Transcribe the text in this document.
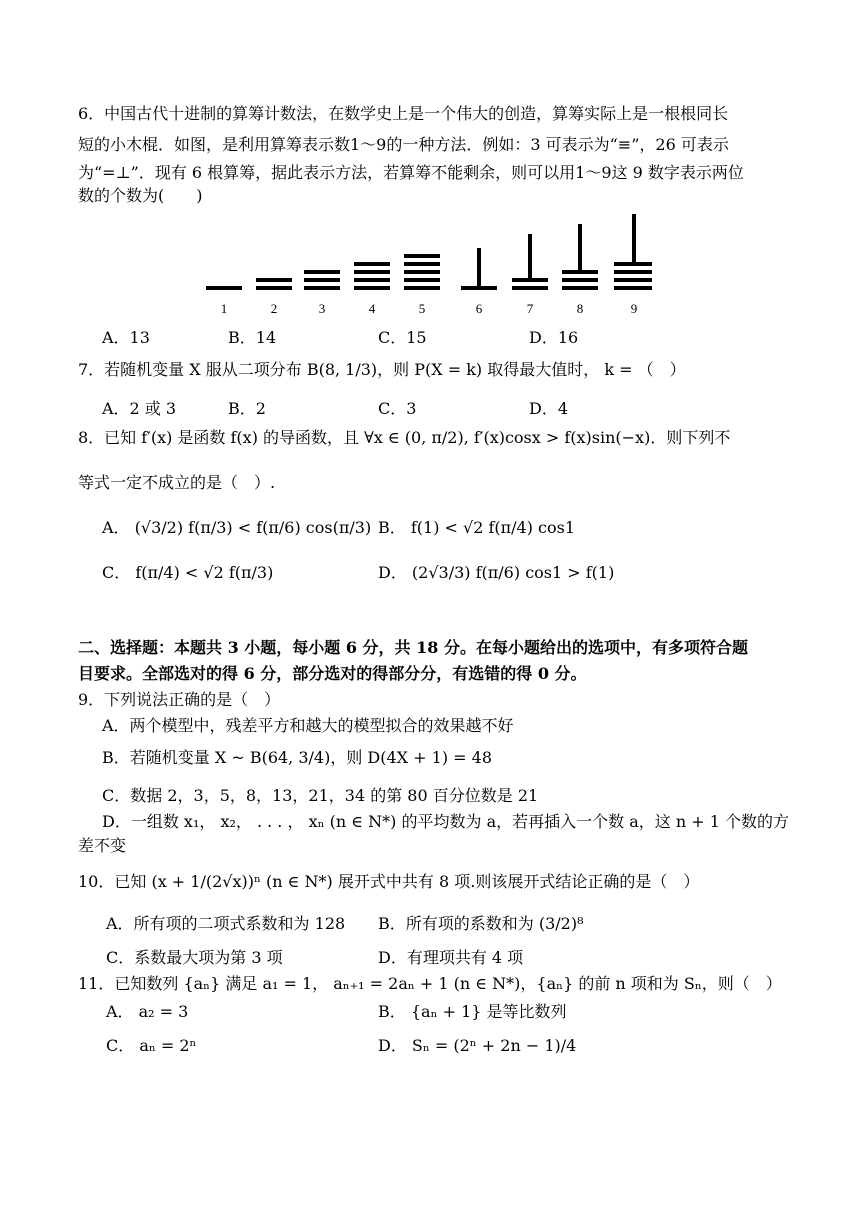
6．中国古代十进制的算筹计数法，在数学史上是一个伟大的创造，算筹实际上是一根根同长
短的小木棍．如图，是利用算筹表示数1～9的一种方法．例如：3 可表示为“≡”，26 可表示
为“=⊥”．现有 6 根算筹，据此表示方法，若算筹不能剩余，则可以用1～9这 9 数字表示两位
数的个数为(　　)
1	2	3	4	5	6	7	8	9
A．13	B．14	C．15	D．16
7．若随机变量 X 服从二项分布 B(8, 1/3)，则 P(X = k) 取得最大值时， k = （　）
A．2 或 3	B．2	C．3	D．4
8．已知 f′(x) 是函数 f(x) 的导函数，且 ∀x ∈ (0, π/2), f′(x)cosx > f(x)sin(−x)．则下列不
等式一定不成立的是（　）.
A． (√3/2) f(π/3) < f(π/6) cos(π/3) B． f(1) < √2 f(π/4) cos1
C． f(π/4) < √2 f(π/3)	D． (2√3/3) f(π/6) cos1 > f(1)
二、选择题：本题共 3 小题，每小题 6 分，共 18 分。在每小题给出的选项中，有多项符合题
目要求。全部选对的得 6 分，部分选对的得部分分，有选错的得 0 分。
9．下列说法正确的是（　）
A．两个模型中，残差平方和越大的模型拟合的效果越不好
B．若随机变量 X ~ B(64, 3/4)，则 D(4X + 1) = 48
C．数据 2，3，5，8，13，21，34 的第 80 百分位数是 21
D．一组数 x₁， x₂， . . . ， xₙ (n ∈ N*) 的平均数为 a，若再插入一个数 a，这 n + 1 个数的方
差不变
10．已知 (x + 1/(2√x))ⁿ (n ∈ N*) 展开式中共有 8 项.则该展开式结论正确的是（　）
A．所有项的二项式系数和为 128 B．所有项的系数和为 (3/2)⁸
C．系数最大项为第 3 项	D．有理项共有 4 项
11．已知数列 {aₙ} 满足 a₁ = 1， aₙ₊₁ = 2aₙ + 1 (n ∈ N*)，{aₙ} 的前 n 项和为 Sₙ，则（　）
A． a₂ = 3	B． {aₙ + 1} 是等比数列
C． aₙ = 2ⁿ	D． Sₙ = (2ⁿ + 2n − 1)/4
